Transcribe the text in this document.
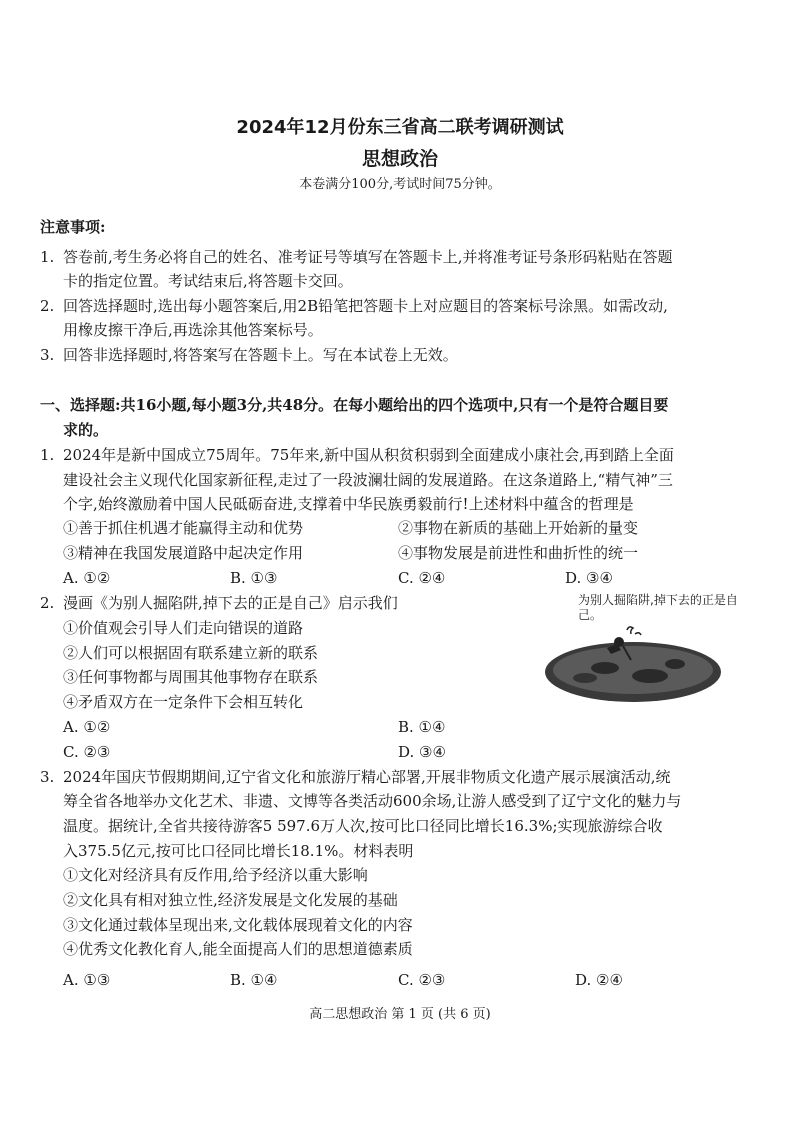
2024年12月份东三省高二联考调研测试
思想政治
本卷满分100分,考试时间75分钟。
注意事项:
1. 答卷前,考生务必将自己的姓名、准考证号等填写在答题卡上,并将准考证号条形码粘贴在答题
卡的指定位置。考试结束后,将答题卡交回。
2. 回答选择题时,选出每小题答案后,用2B铅笔把答题卡上对应题目的答案标号涂黑。如需改动,
用橡皮擦干净后,再选涂其他答案标号。
3. 回答非选择题时,将答案写在答题卡上。写在本试卷上无效。
一、选择题:共16小题,每小题3分,共48分。在每小题给出的四个选项中,只有一个是符合题目要
求的。
1. 2024年是新中国成立75周年。75年来,新中国从积贫积弱到全面建成小康社会,再到踏上全面
建设社会主义现代化国家新征程,走过了一段波澜壮阔的发展道路。在这条道路上,“精气神”三
个字,始终激励着中国人民砥砺奋进,支撑着中华民族勇毅前行!上述材料中蕴含的哲理是
①善于抓住机遇才能赢得主动和优势	②事物在新质的基础上开始新的量变
③精神在我国发展道路中起决定作用	④事物发展是前进性和曲折性的统一
A. ①②	B. ①③	C. ②④	D. ③④
2. 漫画《为别人掘陷阱,掉下去的正是自己》启示我们
①价值观会引导人们走向错误的道路
②人们可以根据固有联系建立新的联系
③任何事物都与周围其他事物存在联系
④矛盾双方在一定条件下会相互转化
A. ①②	B. ①④
C. ②③	D. ③④
为别人掘陷阱,掉下去的正是自己。
3. 2024年国庆节假期期间,辽宁省文化和旅游厅精心部署,开展非物质文化遗产展示展演活动,统
筹全省各地举办文化艺术、非遗、文博等各类活动600余场,让游人感受到了辽宁文化的魅力与
温度。据统计,全省共接待游客5 597.6万人次,按可比口径同比增长16.3%;实现旅游综合收
入375.5亿元,按可比口径同比增长18.1%。材料表明
①文化对经济具有反作用,给予经济以重大影响
②文化具有相对独立性,经济发展是文化发展的基础
③文化通过载体呈现出来,文化载体展现着文化的内容
④优秀文化教化育人,能全面提高人们的思想道德素质
A. ①③	B. ①④	C. ②③	D. ②④
高二思想政治 第 1 页 (共 6 页)
